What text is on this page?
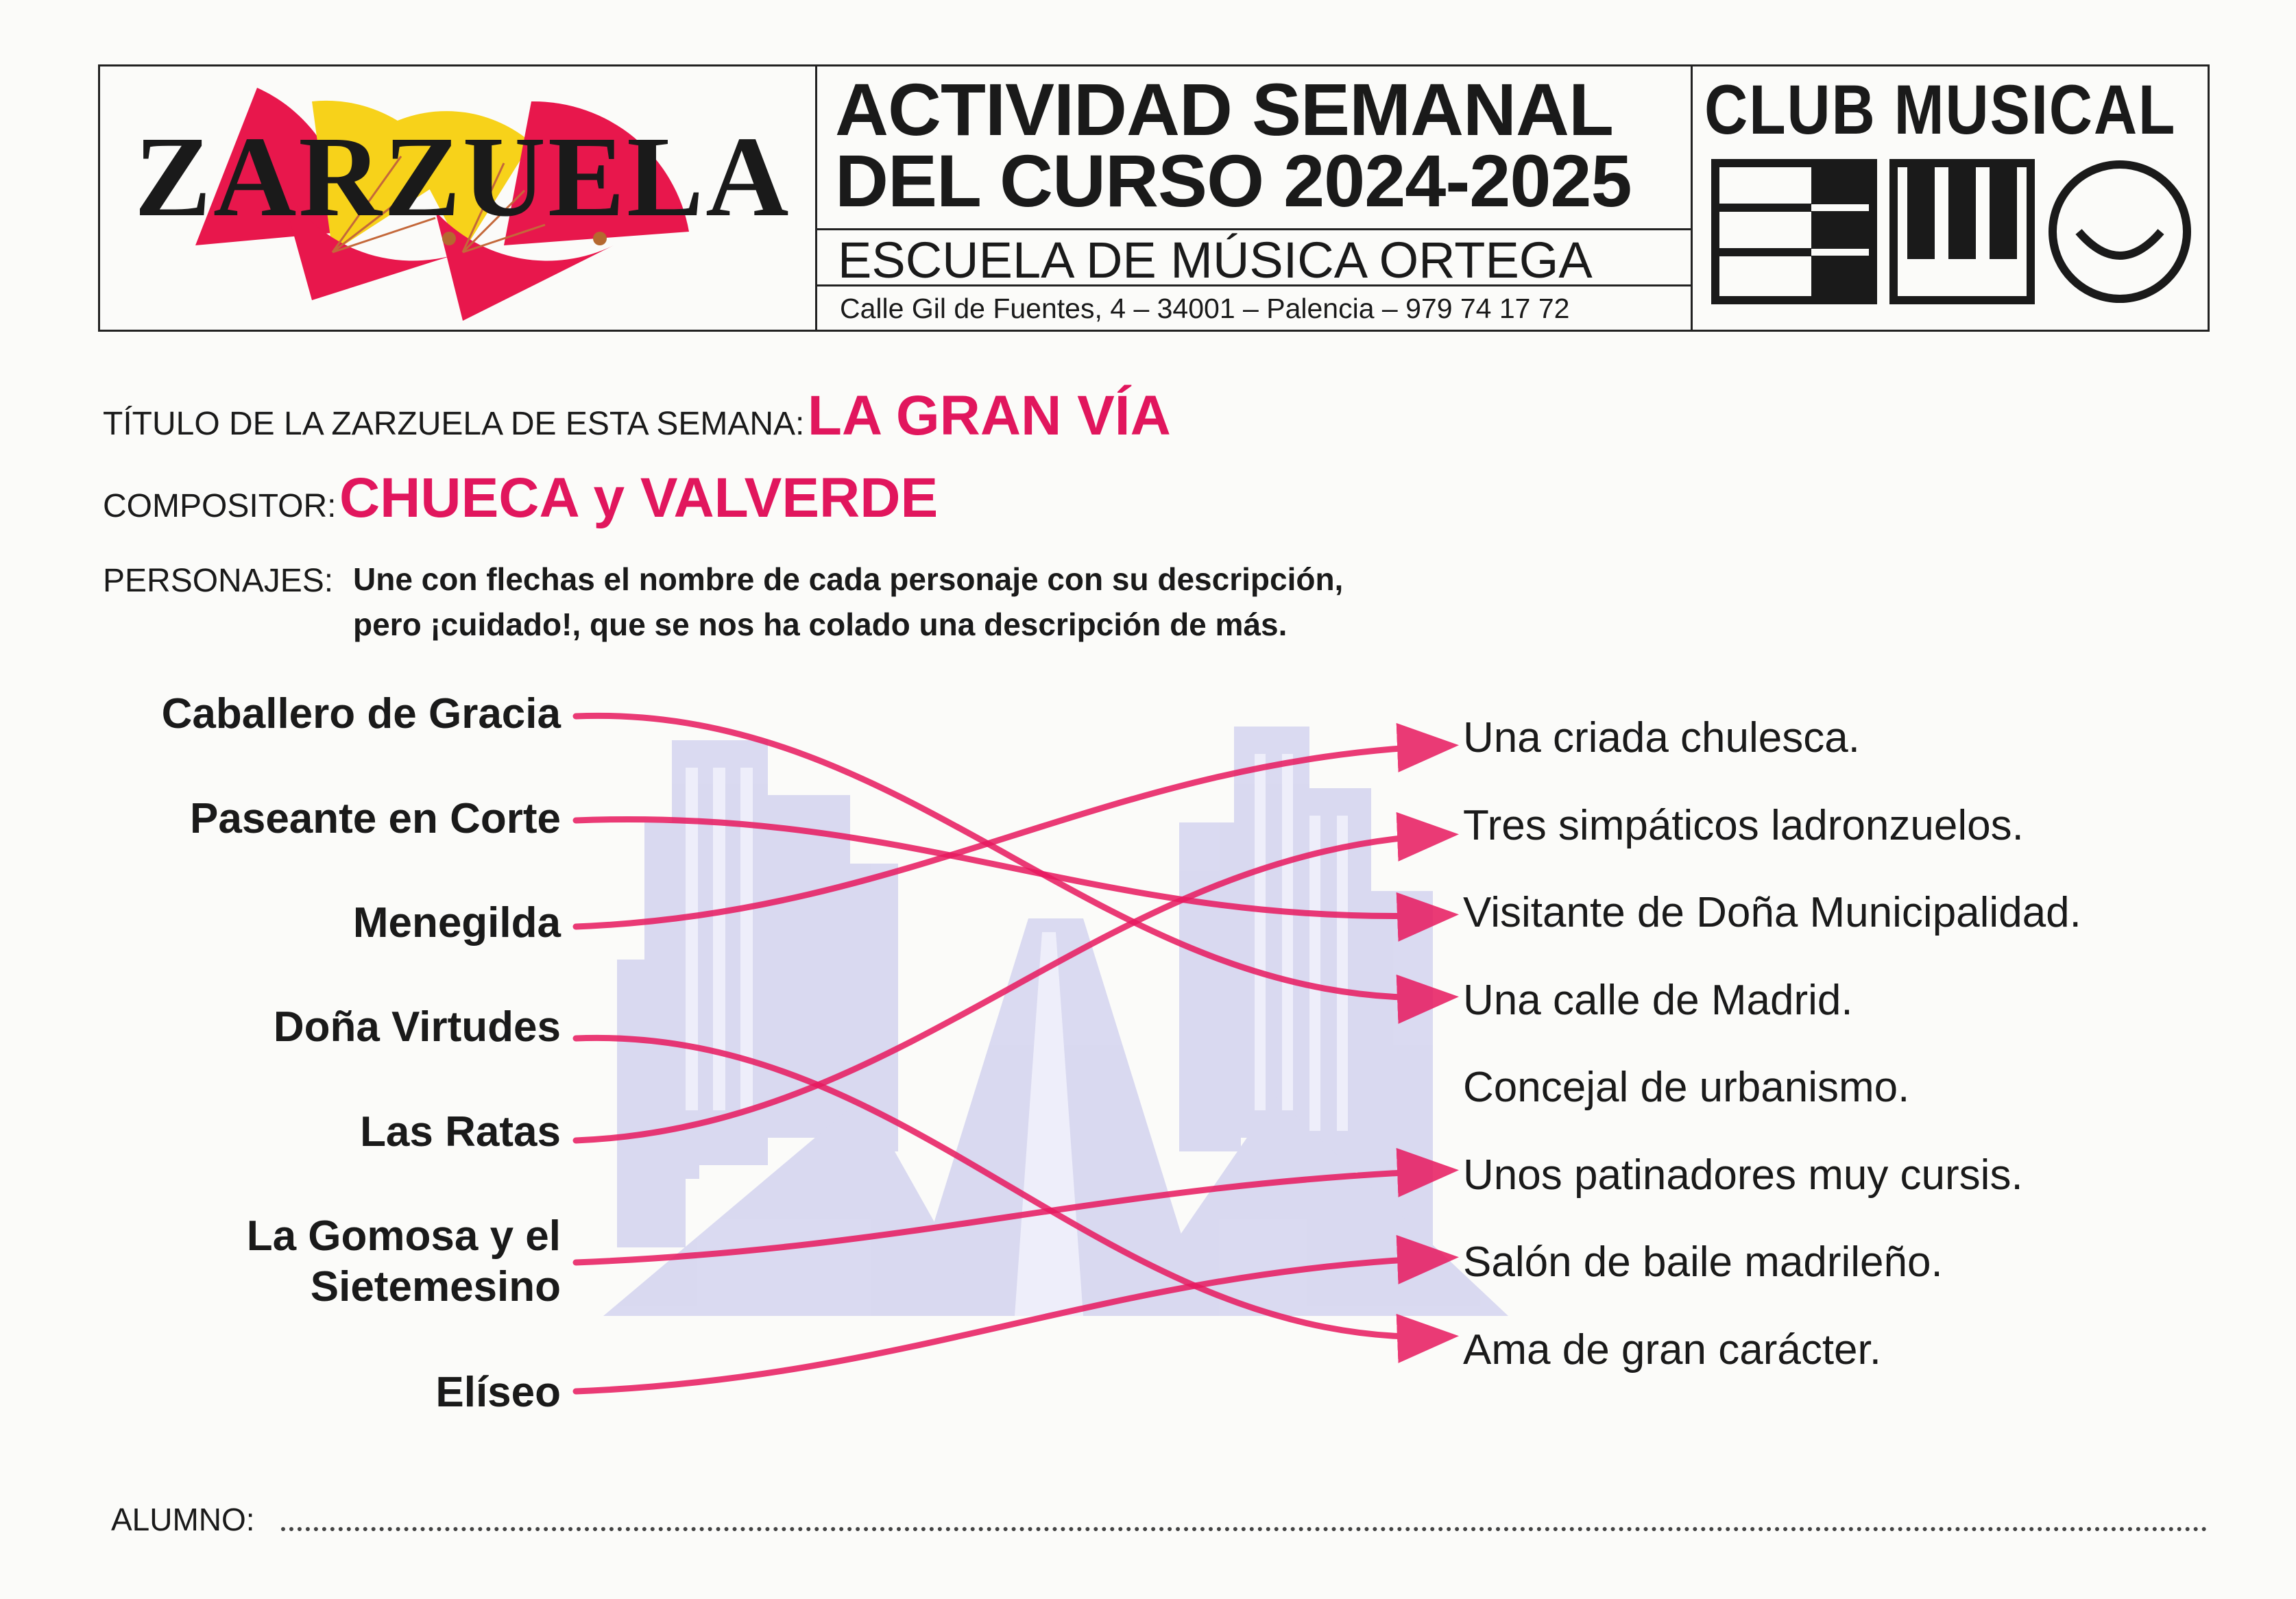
ZARZUELA
ACTIVIDAD SEMANAL
DEL CURSO 2024-2025
ESCUELA DE MÚSICA ORTEGA
Calle Gil de Fuentes, 4 – 34001 – Palencia – 979 74 17 72
CLUB MUSICAL
TÍTULO DE LA ZARZUELA DE ESTA SEMANA: LA GRAN VÍA
COMPOSITOR: CHUECA y VALVERDE
PERSONAJES: Une con flechas el nombre de cada personaje con su descripción,
pero ¡cuidado!, que se nos ha colado una descripción de más.
Caballero de Gracia
Paseante en Corte
Menegilda
Doña Virtudes
Las Ratas
La Gomosa y el
Sietemesino
Elíseo
Una criada chulesca.
Tres simpáticos ladronzuelos.
Visitante de Doña Municipalidad.
Una calle de Madrid.
Concejal de urbanismo.
Unos patinadores muy cursis.
Salón de baile madrileño.
Ama de gran carácter.
ALUMNO:
